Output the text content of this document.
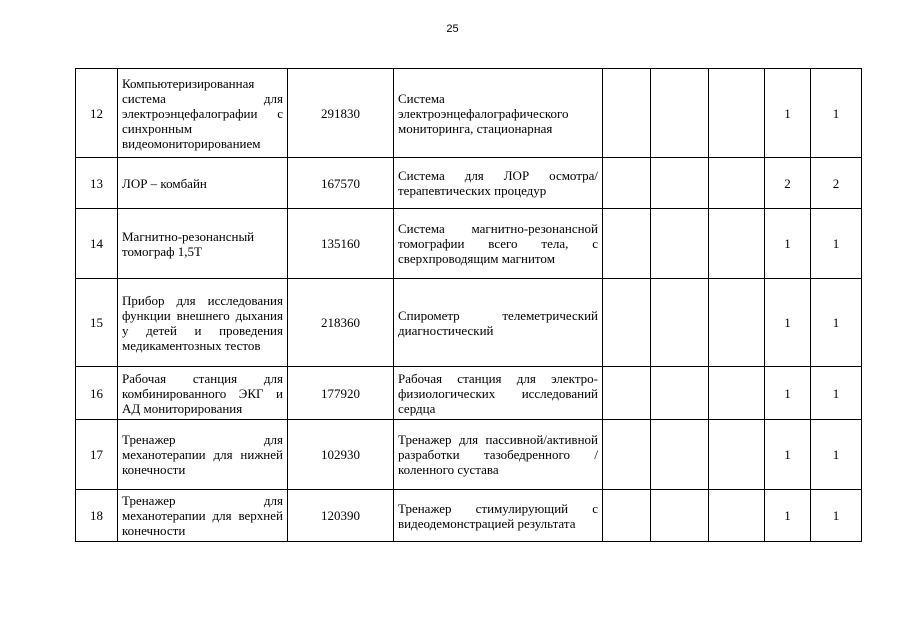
25
12	Компьютеризированная система для электроэнцефалографии с синхронным видеомониторированием	291830	Система электроэнцефалографического мониторинга, стационарная				1	1
13	ЛОР – комбайн	167570	Система для ЛОР осмотра/терапевтических процедур				2	2
14	Магнитно-резонансный томограф 1,5Т	135160	Система магнитно-резонансной томографии всего тела, с сверхпроводящим магнитом				1	1
15	Прибор для исследования функции внешнего дыхания у детей и проведения медикаментозных тестов	218360	Спирометр телеметрический диагностический				1	1
16	Рабочая станция для комбинированного ЭКГ и АД мониторирования	177920	Рабочая станция для электро-физиологических исследований сердца				1	1
17	Тренажер для механотерапии для нижней конечности	102930	Тренажер для пассивной/активной разработки тазобедренного /коленного сустава				1	1
18	Тренажер для механотерапии для верхней конечности	120390	Тренажер стимулирующий с видеодемонстрацией результата				1	1
